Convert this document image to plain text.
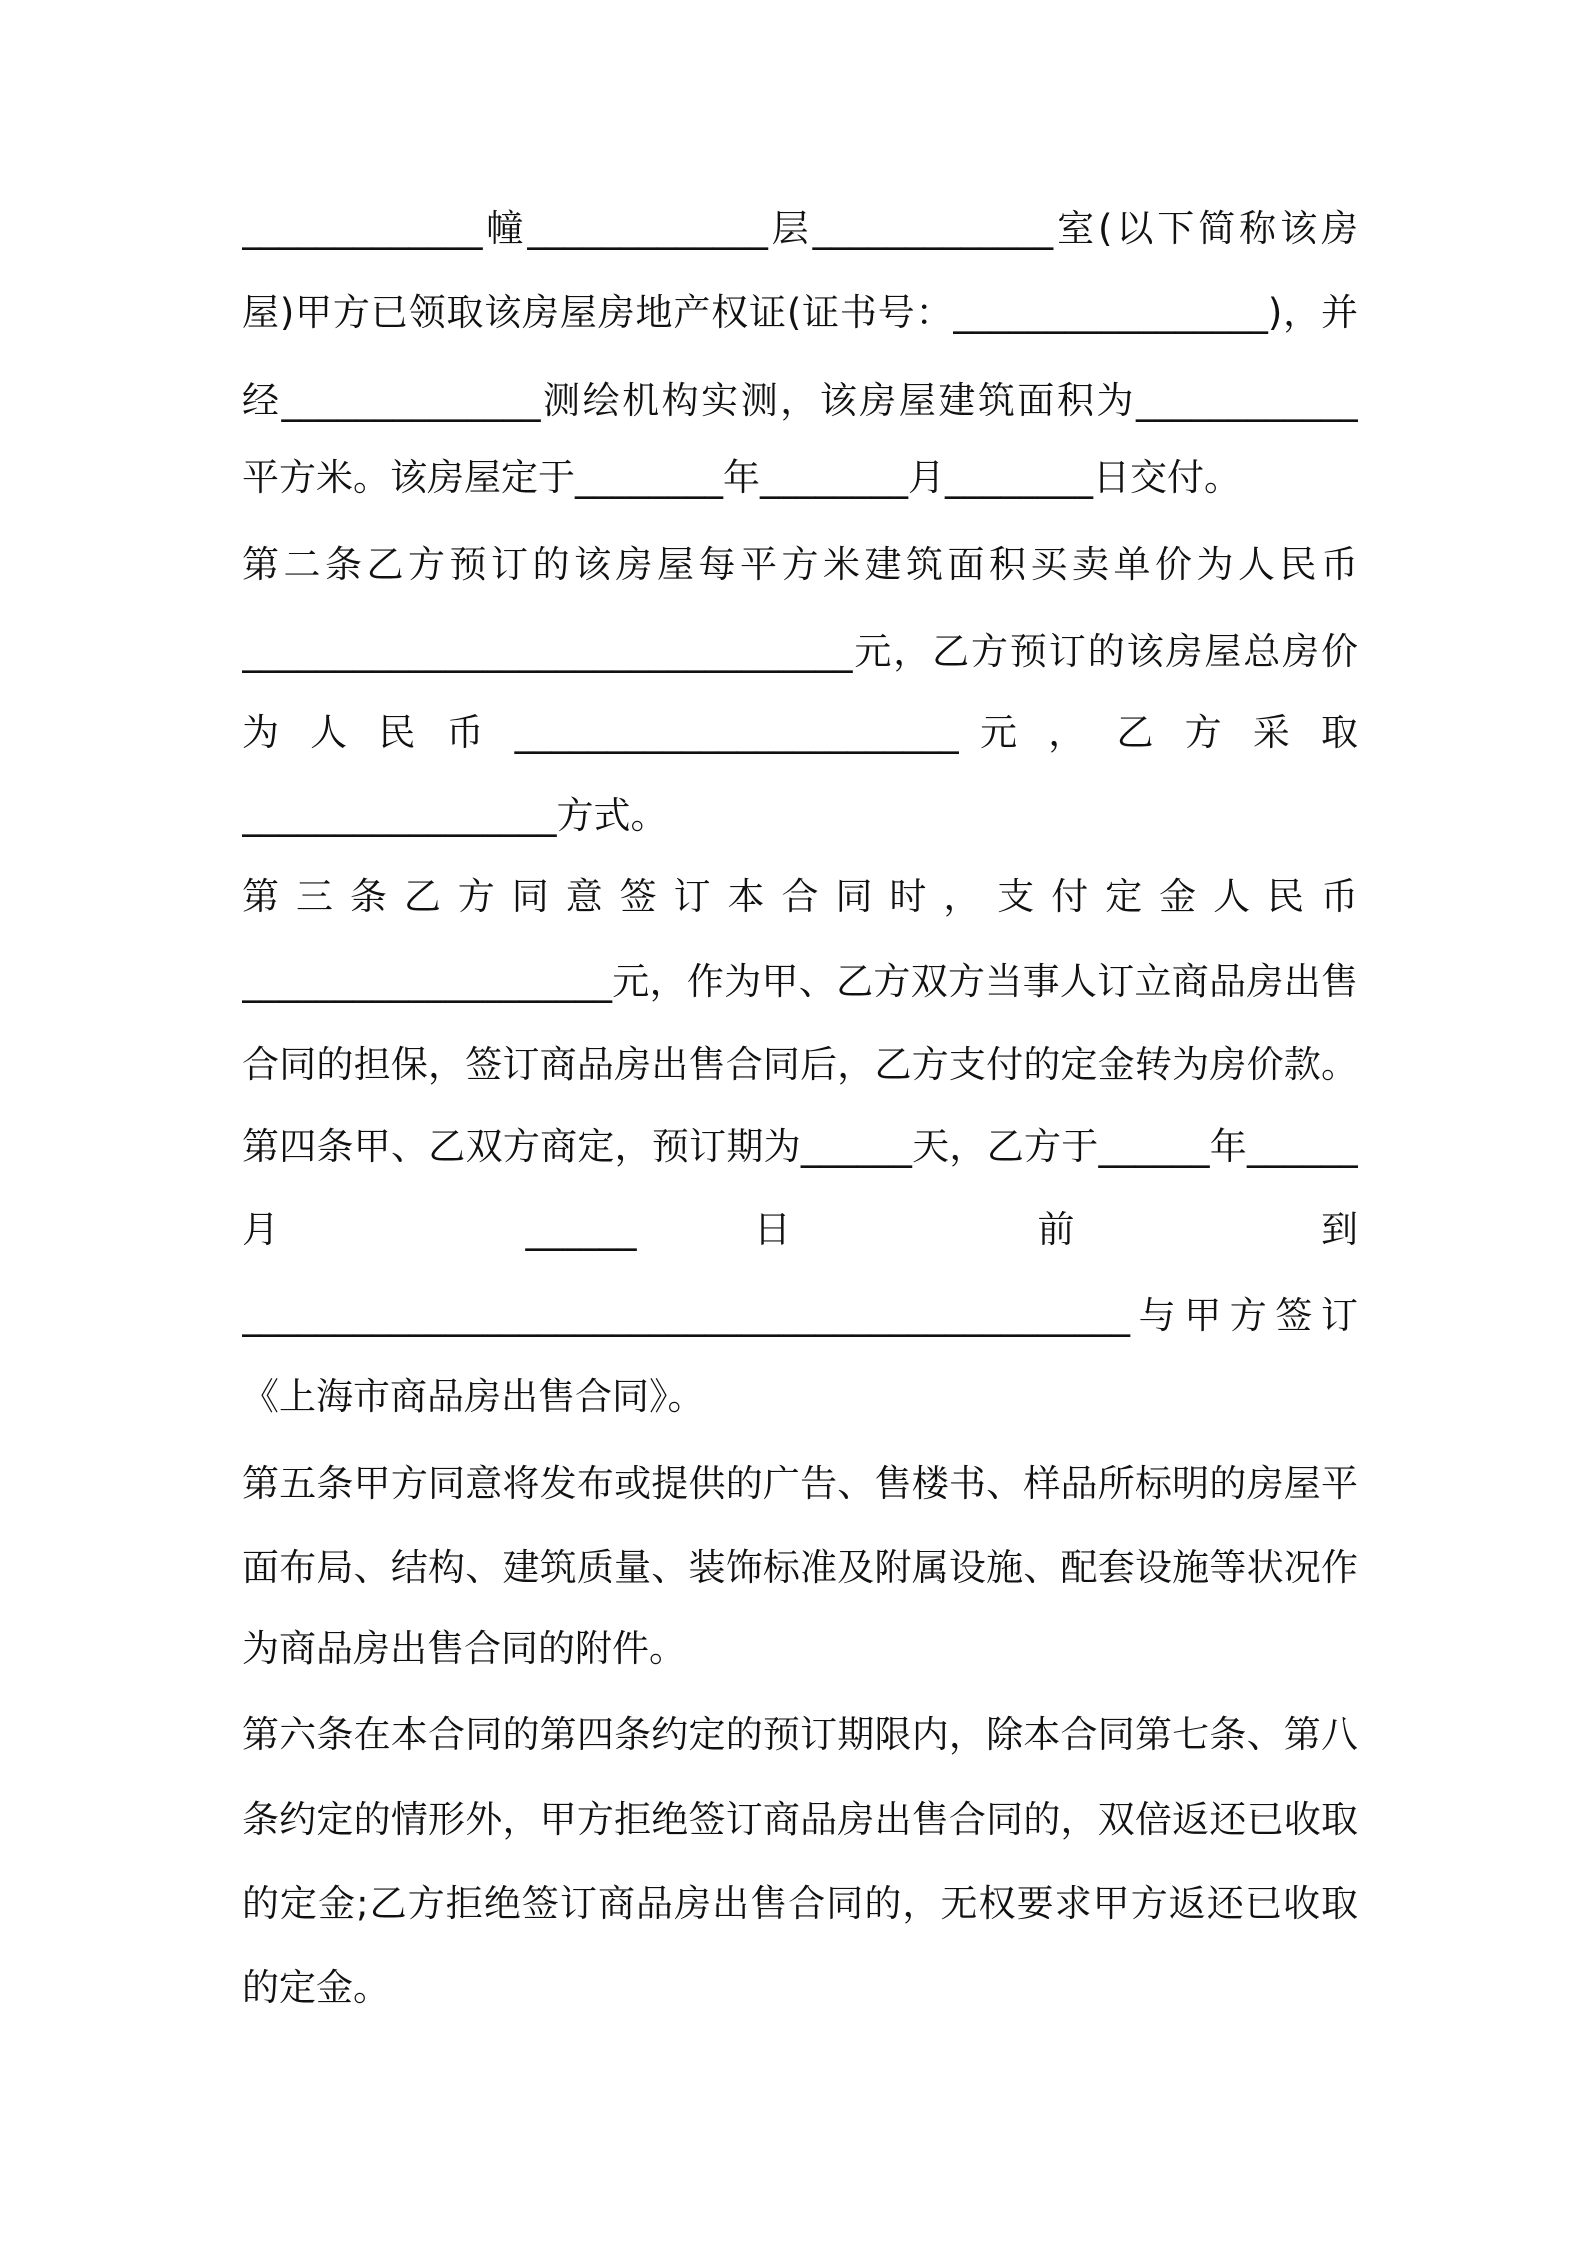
_____________幢_____________层_____________室(以下简称该房
屋)甲方已领取该房屋房地产权证(证书号：_________________)，并
经______________测绘机构实测，该房屋建筑面积为____________
平方米。该房屋定于________年________月________日交付。
第二条乙方预订的该房屋每平方米建筑面积买卖单价为人民币
_________________________________元，乙方预订的该房屋总房价
为 人 民 币 ________________________ 元 ， 乙 方 采 取
_________________方式。
第 三 条 乙 方 同 意 签 订 本 合 同 时 ， 支 付 定 金 人 民 币
____________________元，作为甲、乙方双方当事人订立商品房出售
合同的担保，签订商品房出售合同后，乙方支付的定金转为房价款。
第四条甲、乙双方商定，预订期为______天，乙方于______年______
月 ______日 前 到
________________________________________________与甲方签订
《上海市商品房出售合同》。
第五条甲方同意将发布或提供的广告、售楼书、样品所标明的房屋平
面布局、结构、建筑质量、装饰标准及附属设施、配套设施等状况作
为商品房出售合同的附件。
第六条在本合同的第四条约定的预订期限内，除本合同第七条、第八
条约定的情形外，甲方拒绝签订商品房出售合同的，双倍返还已收取
的定金;乙方拒绝签订商品房出售合同的，无权要求甲方返还已收取
的定金。
